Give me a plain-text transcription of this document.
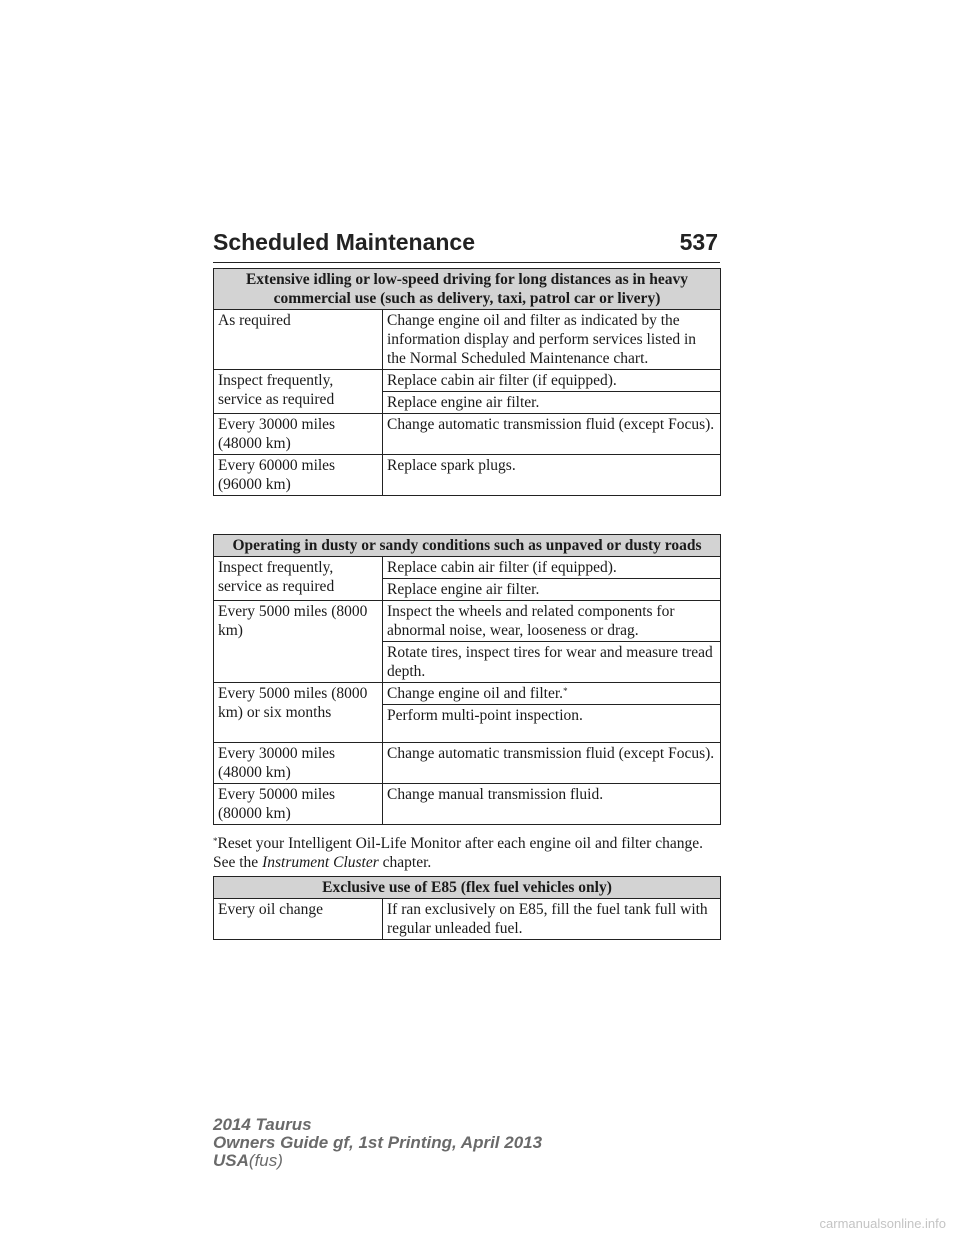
Scheduled Maintenance	537
Extensive idling or low-speed driving for long distances as in heavy commercial use (such as delivery, taxi, patrol car or livery)	
As required	Change engine oil and filter as indicated by the information display and perform services listed in the Normal Scheduled Maintenance chart.
Inspect frequently, service as required	Replace cabin air filter (if equipped).
	Replace engine air filter.
Every 30000 miles (48000 km)	Change automatic transmission fluid (except Focus).
Every 60000 miles (96000 km)	Replace spark plugs.
Operating in dusty or sandy conditions such as unpaved or dusty roads	
Inspect frequently, service as required	Replace cabin air filter (if equipped).
	Replace engine air filter.
Every 5000 miles (8000 km)	Inspect the wheels and related components for abnormal noise, wear, looseness or drag.
	Rotate tires, inspect tires for wear and measure tread depth.
Every 5000 miles (8000 km) or six months	Change engine oil and filter.*
	Perform multi-point inspection.
Every 30000 miles (48000 km)	Change automatic transmission fluid (except Focus).
Every 50000 miles (80000 km)	Change manual transmission fluid.
*Reset your Intelligent Oil-Life Monitor after each engine oil and filter change. See the Instrument Cluster chapter.
Exclusive use of E85 (flex fuel vehicles only)
Every oil change	If ran exclusively on E85, fill the fuel tank full with regular unleaded fuel.
2014 Taurus
Owners Guide gf, 1st Printing, April 2013
USA(fus)
carmanualsonline.info
